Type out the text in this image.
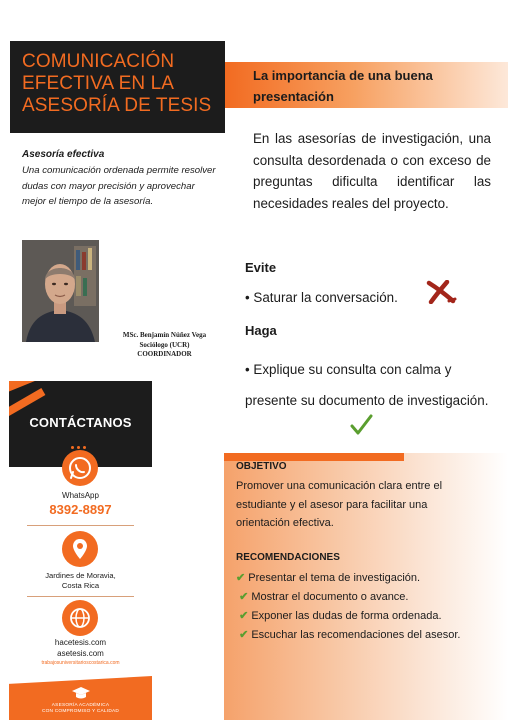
COMUNICACIÓN
EFECTIVA EN LA
ASESORÍA DE TESIS
La importancia de una buena presentación

En las asesorías de investigación, una consulta desordenada o con exceso de preguntas dificulta identificar las necesidades reales del proyecto.

Asesoría efectiva

Una comunicación ordenada permite resolver dudas con mayor precisión y aprovechar mejor el tiempo de la asesoría.

MSc. Benjamín Núñez Vega
Sociólogo (UCR)
COORDINADOR
Evite
• Saturar la conversación.
Haga

• Explique su consulta con calma y presente su documento de investigación.

CONTÁCTANOS
WhatsApp
8392-8897
Jardines de Moravia,
Costa Rica
hacetesis.com
asetesis.com
trabajosuniversitarioscostarica.com
ASESORÍA ACADÉMICA
CON COMPROMISO Y CALIDAD
OBJETIVO

Promover una comunicación clara entre el estudiante y el asesor para facilitar una orientación efectiva.

RECOMENDACIONES
✔ Presentar el tema de investigación.
✔ Mostrar el documento o avance.
✔ Exponer las dudas de forma ordenada.
✔ Escuchar las recomendaciones del asesor.
